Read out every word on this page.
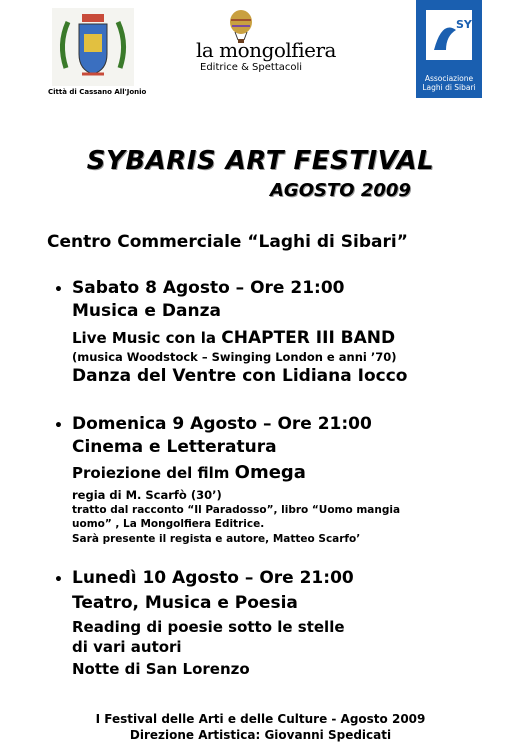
Città di Cassano All'Jonio
la mongolfiera
Editrice & Spettacoli
SY
Associazione
Laghi di Sibari
SYBARIS ART FESTIVAL
AGOSTO 2009
Centro Commerciale “Laghi di Sibari”
• Sabato 8 Agosto – Ore 21:00
Musica e Danza
Live Music con la CHAPTER III BAND
(musica Woodstock – Swinging London e anni ’70)
Danza del Ventre con Lidiana Iocco
• Domenica 9 Agosto – Ore 21:00
Cinema e Letteratura
Proiezione del film Omega
regia di M. Scarfò (30’)
tratto dal racconto “Il Paradosso”, libro “Uomo mangia
uomo” , La Mongolfiera Editrice.
Sarà presente il regista e autore, Matteo Scarfo’
• Lunedì 10 Agosto – Ore 21:00
Teatro, Musica e Poesia
Reading di poesie sotto le stelle
di vari autori
Notte di San Lorenzo
I Festival delle Arti e delle Culture - Agosto 2009
Direzione Artistica: Giovanni Spedicati
